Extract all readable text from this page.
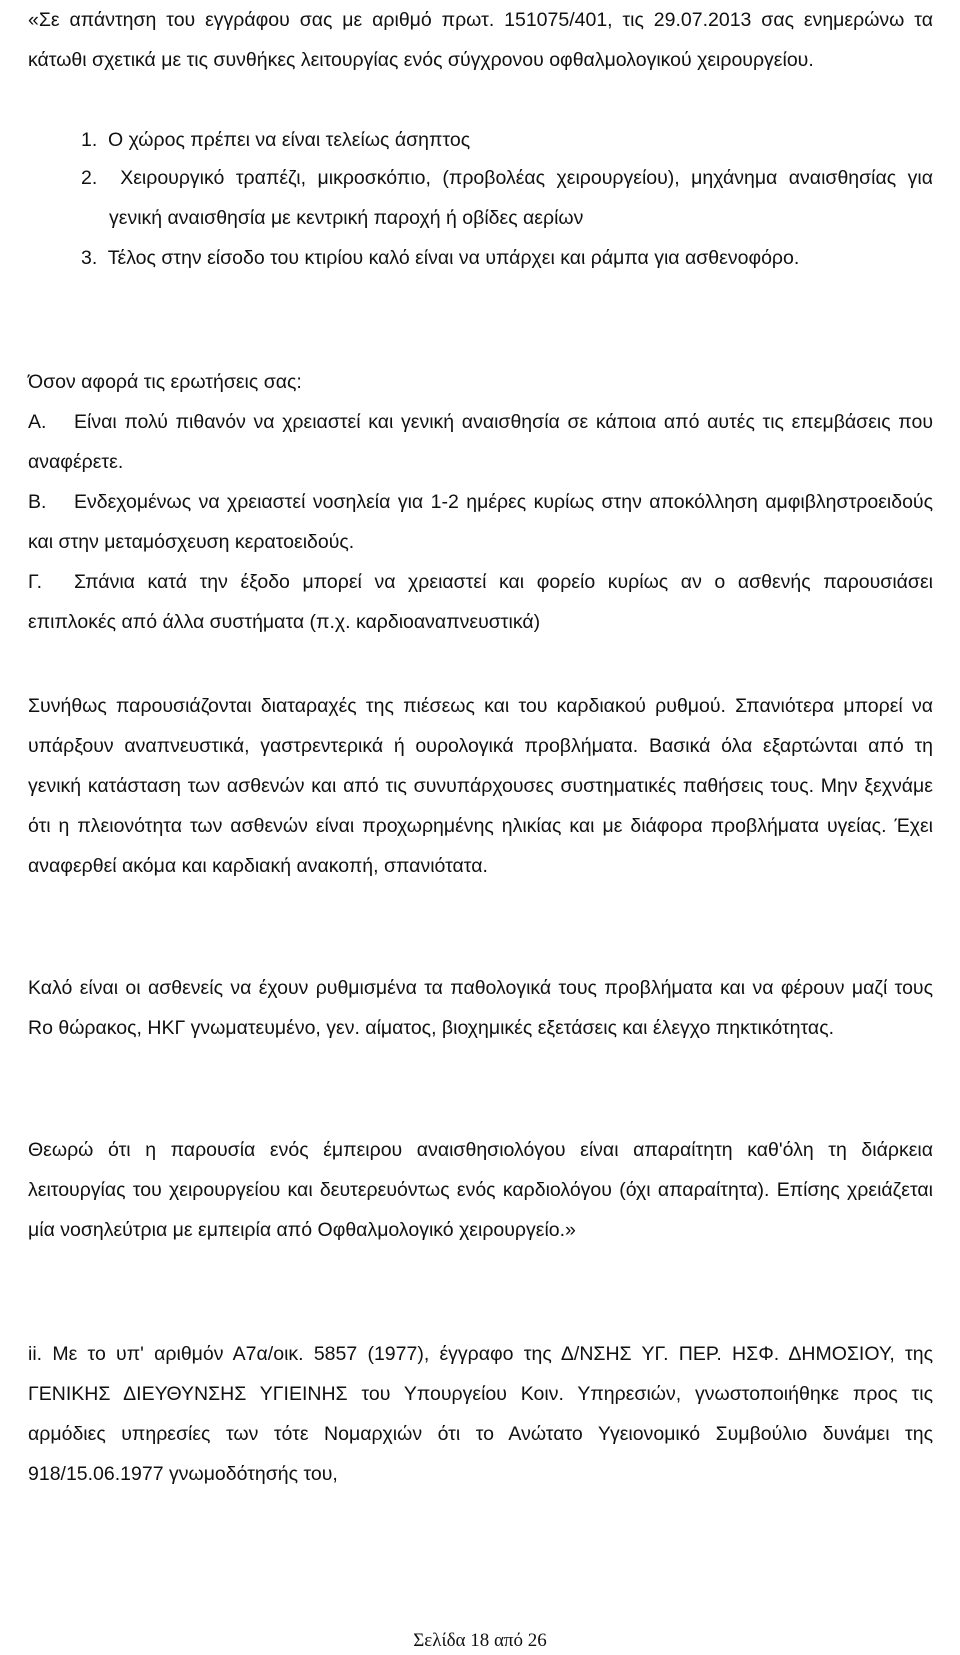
«Σε απάντηση του εγγράφου σας με αριθμό πρωτ. 151075/401, τις 29.07.2013 σας ενημερώνω τα κάτωθι σχετικά με τις συνθήκες λειτουργίας ενός σύγχρονου οφθαλμολογικού χειρουργείου.

1. Ο χώρος πρέπει να είναι τελείως άσηπτος

2. Χειρουργικό τραπέζι, μικροσκόπιο, (προβολέας χειρουργείου), μηχάνημα αναισθησίας για γενική αναισθησία με κεντρική παροχή ή οβίδες αερίων

3. Τέλος στην είσοδο του κτιρίου καλό είναι να υπάρχει και ράμπα για ασθενοφόρο.

Όσον αφορά τις ερωτήσεις σας:

Α. Είναι πολύ πιθανόν να χρειαστεί και γενική αναισθησία σε κάποια από αυτές τις επεμβάσεις που αναφέρετε.

Β. Ενδεχομένως να χρειαστεί νοσηλεία για 1-2 ημέρες κυρίως στην αποκόλληση αμφιβληστροειδούς και στην μεταμόσχευση κερατοειδούς.

Γ. Σπάνια κατά την έξοδο μπορεί να χρειαστεί και φορείο κυρίως αν ο ασθενής παρουσιάσει επιπλοκές από άλλα συστήματα (π.χ. καρδιοαναπνευστικά)

Συνήθως παρουσιάζονται διαταραχές της πιέσεως και του καρδιακού ρυθμού. Σπανιότερα μπορεί να υπάρξουν αναπνευστικά, γαστρεντερικά ή ουρολογικά προβλήματα. Βασικά όλα εξαρτώνται από τη γενική κατάσταση των ασθενών και από τις συνυπάρχουσες συστηματικές παθήσεις τους. Μην ξεχνάμε ότι η πλειονότητα των ασθενών είναι προχωρημένης ηλικίας και με διάφορα προβλήματα υγείας. Έχει αναφερθεί ακόμα και καρδιακή ανακοπή, σπανιότατα.

Καλό είναι οι ασθενείς να έχουν ρυθμισμένα τα παθολογικά τους προβλήματα και να φέρουν μαζί τους Ro θώρακος, ΗΚΓ γνωματευμένο, γεν. αίματος, βιοχημικές εξετάσεις και έλεγχο πηκτικότητας.

Θεωρώ ότι η παρουσία ενός έμπειρου αναισθησιολόγου είναι απαραίτητη καθ'όλη τη διάρκεια λειτουργίας του χειρουργείου και δευτερευόντως ενός καρδιολόγου (όχι απαραίτητα). Επίσης χρειάζεται μία νοσηλεύτρια με εμπειρία από Οφθαλμολογικό χειρουργείο.»

ii. Με το υπ' αριθμόν Α7α/οικ. 5857 (1977), έγγραφο της Δ/ΝΣΗΣ ΥΓ. ΠΕΡ. ΗΣΦ. ΔΗΜΟΣΙΟΥ, της ΓΕΝΙΚΗΣ ΔΙΕΥΘΥΝΣΗΣ ΥΓΙΕΙΝΗΣ του Υπουργείου Κοιν. Υπηρεσιών, γνωστοποιήθηκε προς τις αρμόδιες υπηρεσίες των τότε Νομαρχιών ότι το Ανώτατο Υγειονομικό Συμβούλιο δυνάμει της 918/15.06.1977 γνωμοδότησής του,

Σελίδα 18 από 26
